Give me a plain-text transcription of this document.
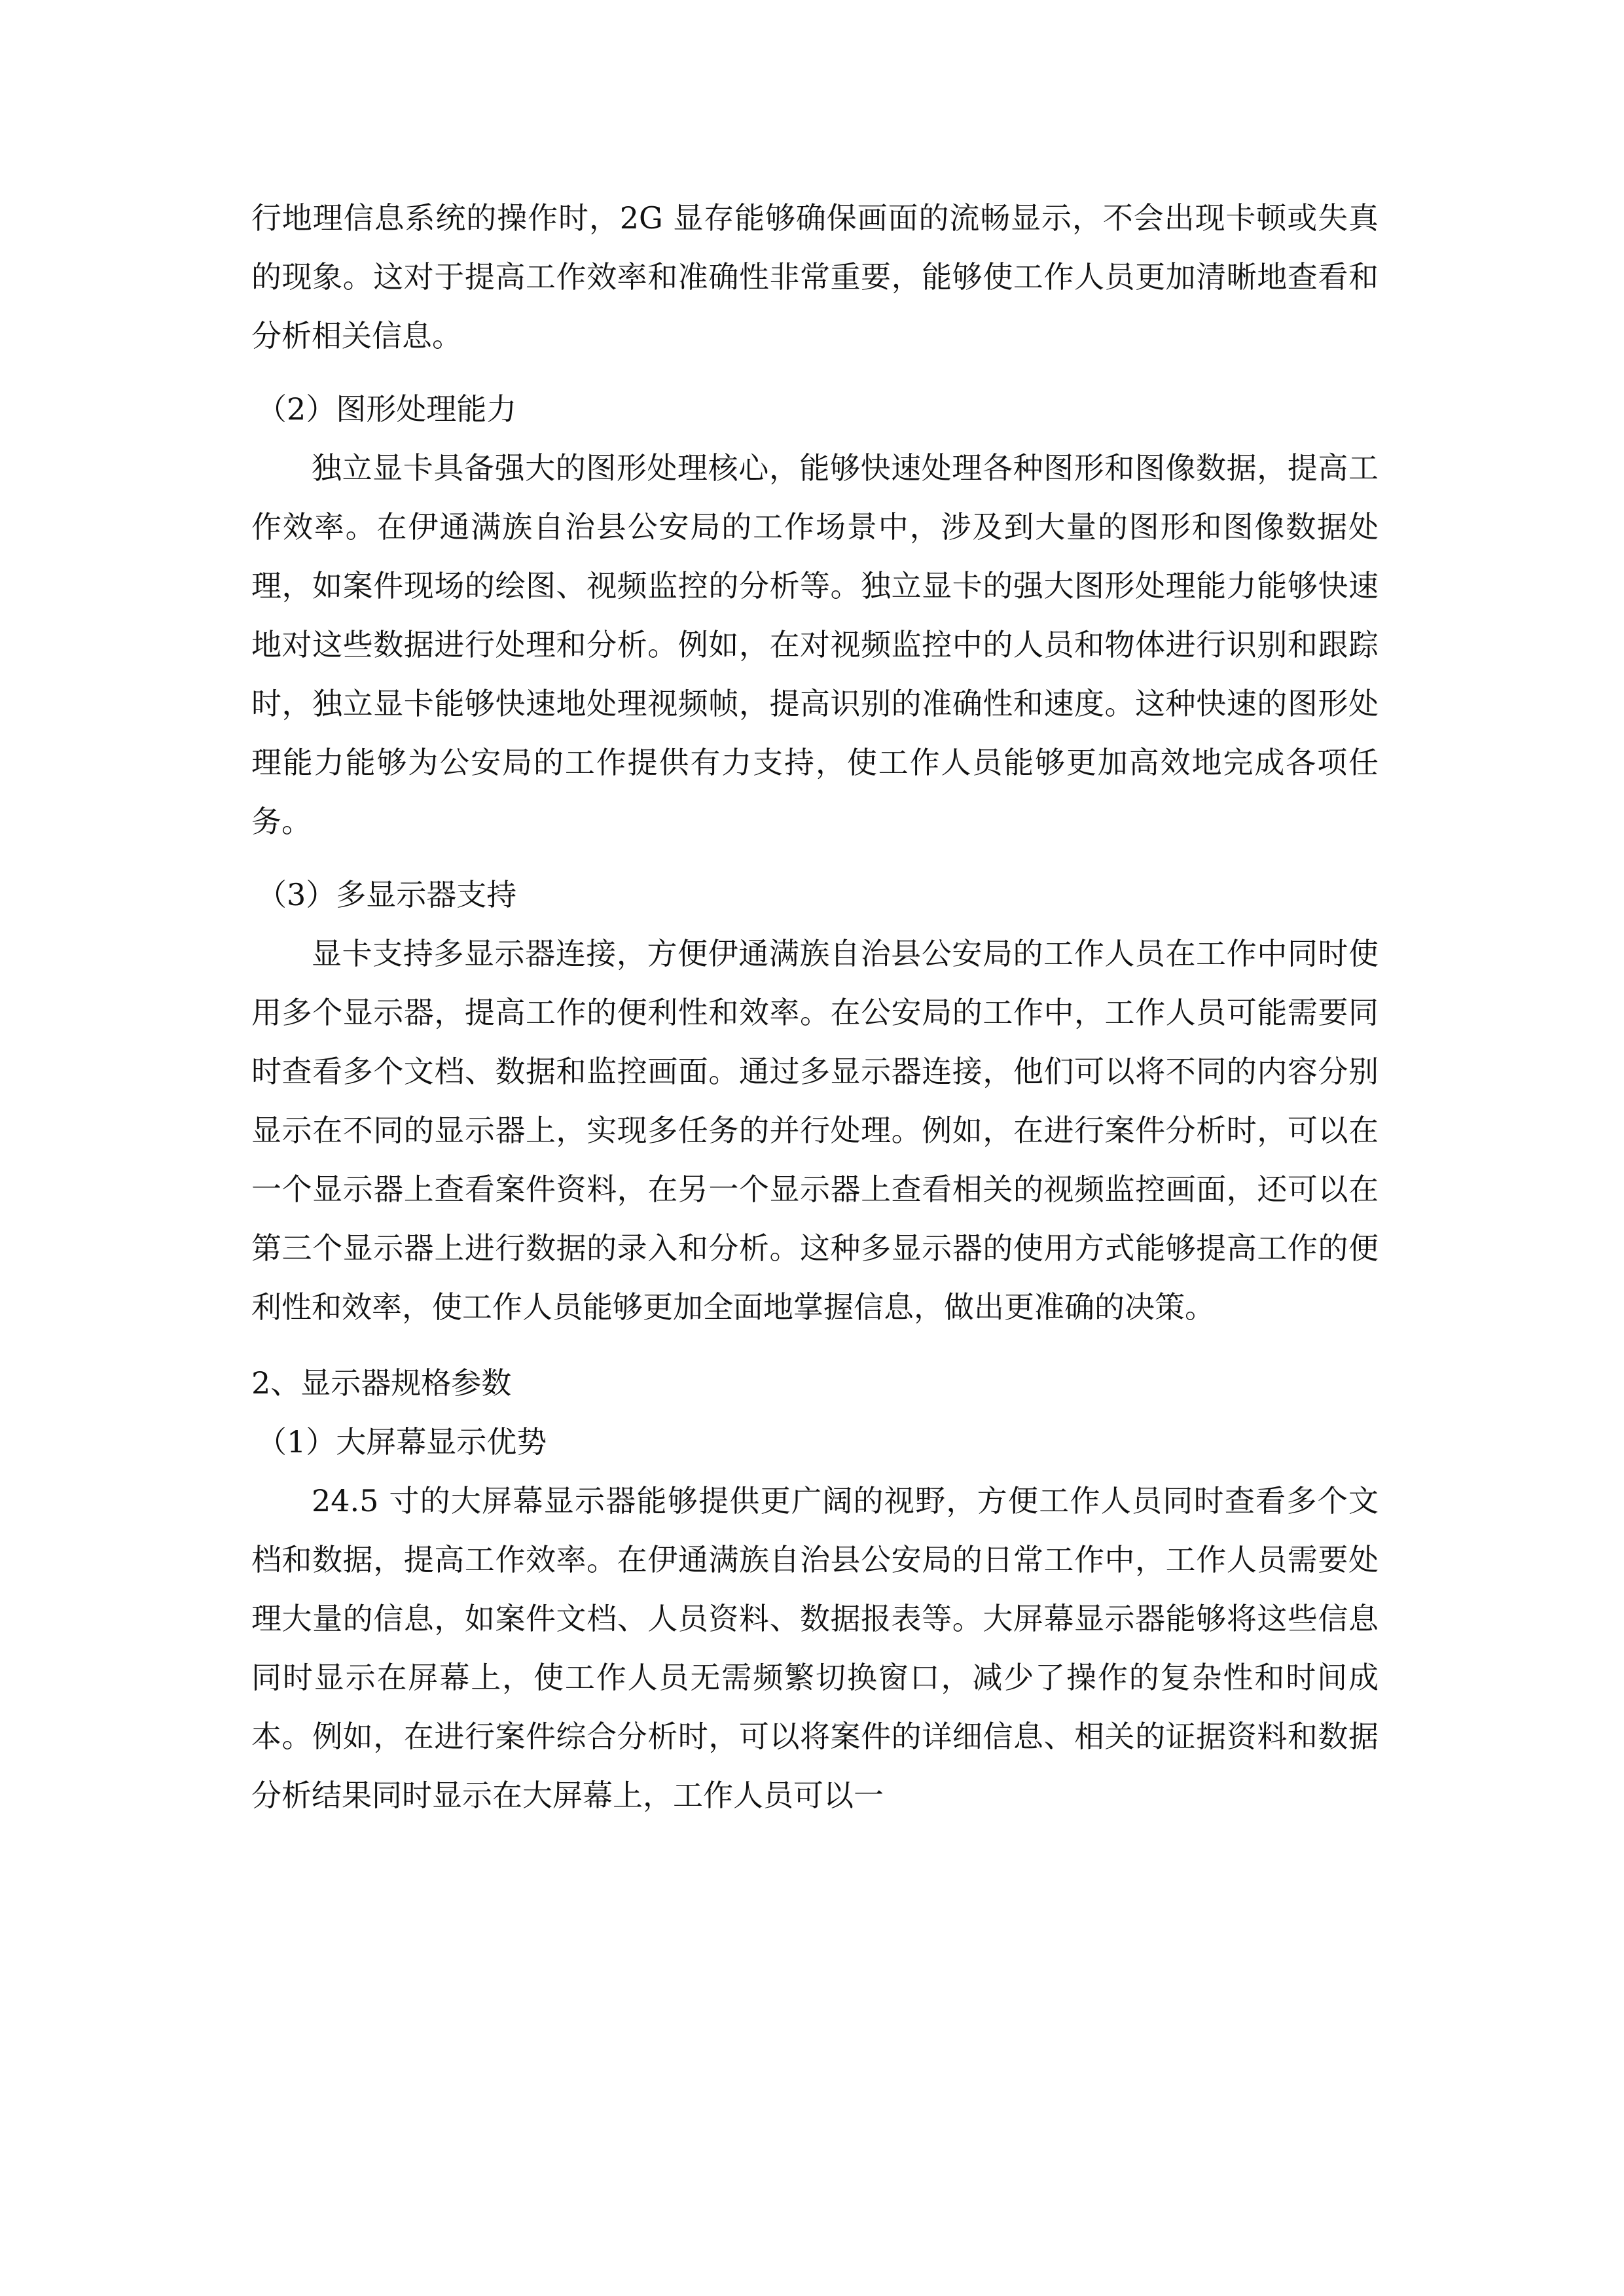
行地理信息系统的操作时，2G 显存能够确保画面的流畅显示，不会出现卡顿或失真的现象。这对于提高工作效率和准确性非常重要，能够使工作人员更加清晰地查看和分析相关信息。

（2）图形处理能力

独立显卡具备强大的图形处理核心，能够快速处理各种图形和图像数据，提高工作效率。在伊通满族自治县公安局的工作场景中，涉及到大量的图形和图像数据处理，如案件现场的绘图、视频监控的分析等。独立显卡的强大图形处理能力能够快速地对这些数据进行处理和分析。例如，在对视频监控中的人员和物体进行识别和跟踪时，独立显卡能够快速地处理视频帧，提高识别的准确性和速度。这种快速的图形处理能力能够为公安局的工作提供有力支持，使工作人员能够更加高效地完成各项任务。

（3）多显示器支持

显卡支持多显示器连接，方便伊通满族自治县公安局的工作人员在工作中同时使用多个显示器，提高工作的便利性和效率。在公安局的工作中，工作人员可能需要同时查看多个文档、数据和监控画面。通过多显示器连接，他们可以将不同的内容分别显示在不同的显示器上，实现多任务的并行处理。例如，在进行案件分析时，可以在一个显示器上查看案件资料，在另一个显示器上查看相关的视频监控画面，还可以在第三个显示器上进行数据的录入和分析。这种多显示器的使用方式能够提高工作的便利性和效率，使工作人员能够更加全面地掌握信息，做出更准确的决策。

2、显示器规格参数

（1）大屏幕显示优势

24.5 寸的大屏幕显示器能够提供更广阔的视野，方便工作人员同时查看多个文档和数据，提高工作效率。在伊通满族自治县公安局的日常工作中，工作人员需要处理大量的信息，如案件文档、人员资料、数据报表等。大屏幕显示器能够将这些信息同时显示在屏幕上，使工作人员无需频繁切换窗口，减少了操作的复杂性和时间成本。例如，在进行案件综合分析时，可以将案件的详细信息、相关的证据资料和数据分析结果同时显示在大屏幕上，工作人员可以一
